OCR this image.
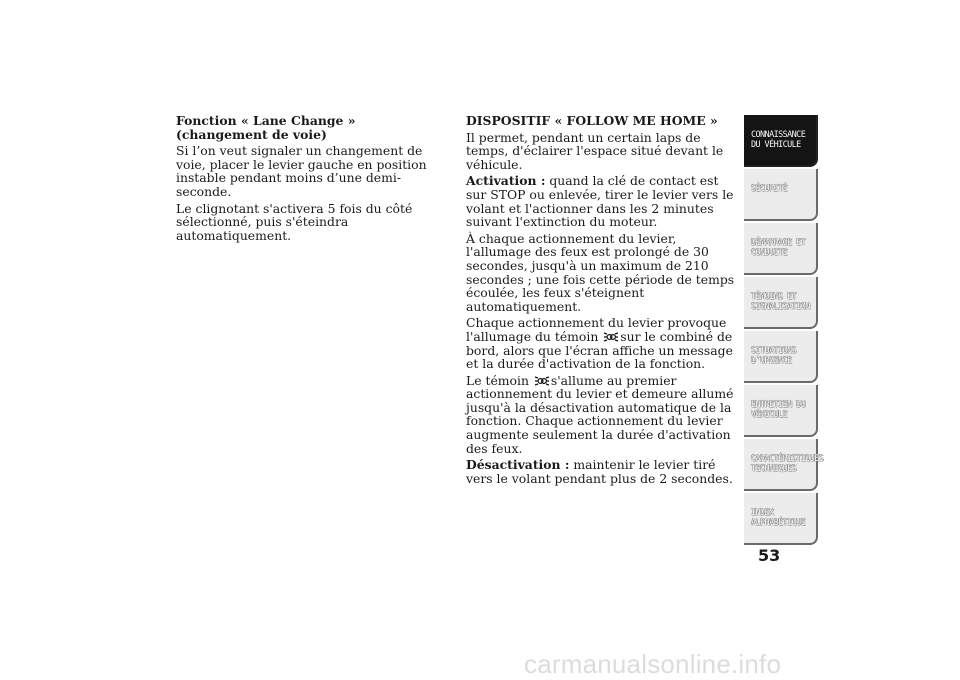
Fonction « Lane Change » (changement de voie)

Si l’on veut signaler un changement de voie, placer le levier gauche en position instable pendant moins d’une demi-seconde.

Le clignotant s'activera 5 fois du côté sélectionné, puis s'éteindra automatiquement.

DISPOSITIF « FOLLOW ME HOME »

Il permet, pendant un certain laps de temps, d'éclairer l'espace situé devant le véhicule.

Activation : quand la clé de contact est sur STOP ou enlevée, tirer le levier vers le volant et l'actionner dans les 2 minutes suivant l'extinction du moteur.

À chaque actionnement du levier, l'allumage des feux est prolongé de 30 secondes, jusqu'à un maximum de 210 secondes ; une fois cette période de temps écoulée, les feux s'éteignent automatiquement.

Chaque actionnement du levier provoque l'allumage du témoin sur le combiné de bord, alors que l'écran affiche un message et la durée d'activation de la fonction.

Le témoin s'allume au premier actionnement du levier et demeure allumé jusqu'à la désactivation automatique de la fonction. Chaque actionnement du levier augmente seulement la durée d'activation des feux.

Désactivation : maintenir le levier tiré vers le volant pendant plus de 2 secondes.

CONNAISSANCE DU VÉHICULE
SÉCURITÉ
DÉMARRAGE ET CONDUITE
TÉMOINS ET SIGNALISATION
SITUATIONS D’URGENCE
ENTRETIEN DU VÉHICULE
CARACTÉRISTIQUES TECHNIQUES
INDEX ALPHABÉTIQUE
53
carmanualsonline.info
